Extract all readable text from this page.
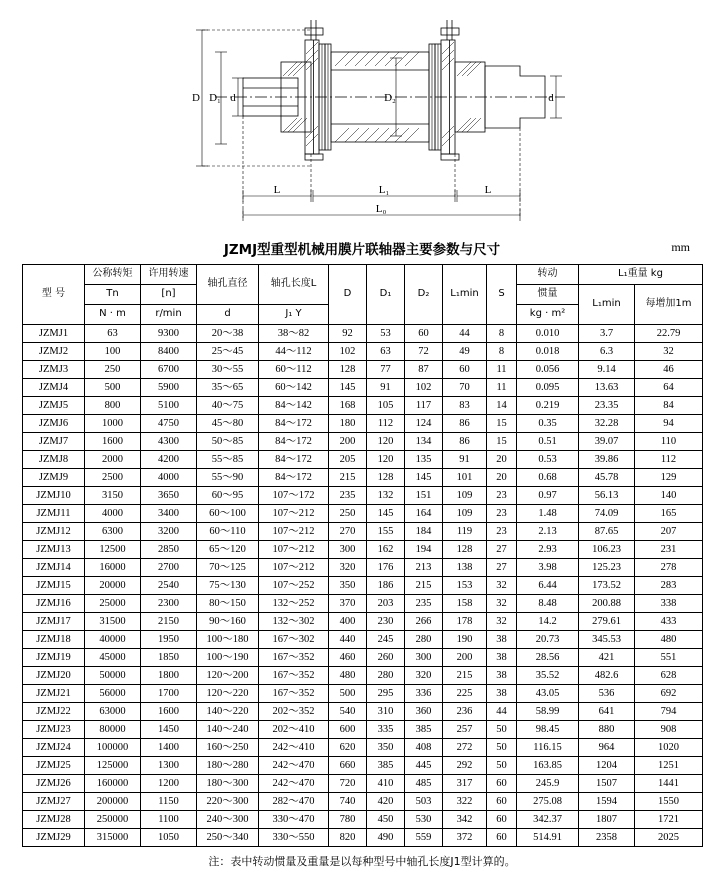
D D₁ d	D₂	d
L	L₁	L
L₀
JZMJ型重型机械用膜片联轴器主要参数与尺寸	mm
型 号	公称转矩	许用转速	轴孔直径	轴孔长度L	D	D₁	D₂	L₁min	S	转动	L₁重量 kg	
	Tn	[n]								惯量	L₁min	每增加1m
	N · m	r/min	d	J₁ Y						kg · m²		
JZMJ1	63	9300	20～38	38～82	92	53	60	44	8	0.010	3.7	22.79
JZMJ2	100	8400	25～45	44～112	102	63	72	49	8	0.018	6.3	32
JZMJ3	250	6700	30～55	60～112	128	77	87	60	11	0.056	9.14	46
JZMJ4	500	5900	35～65	60～142	145	91	102	70	11	0.095	13.63	64
JZMJ5	800	5100	40～75	84～142	168	105	117	83	14	0.219	23.35	84
JZMJ6	1000	4750	45～80	84～172	180	112	124	86	15	0.35	32.28	94
JZMJ7	1600	4300	50～85	84～172	200	120	134	86	15	0.51	39.07	110
JZMJ8	2000	4200	55～85	84～172	205	120	135	91	20	0.53	39.86	112
JZMJ9	2500	4000	55～90	84～172	215	128	145	101	20	0.68	45.78	129
JZMJ10	3150	3650	60～95	107～172	235	132	151	109	23	0.97	56.13	140
JZMJ11	4000	3400	60～100	107～212	250	145	164	109	23	1.48	74.09	165
JZMJ12	6300	3200	60～110	107～212	270	155	184	119	23	2.13	87.65	207
JZMJ13	12500	2850	65～120	107～212	300	162	194	128	27	2.93	106.23	231
JZMJ14	16000	2700	70～125	107～212	320	176	213	138	27	3.98	125.23	278
JZMJ15	20000	2540	75～130	107～252	350	186	215	153	32	6.44	173.52	283
JZMJ16	25000	2300	80～150	132～252	370	203	235	158	32	8.48	200.88	338
JZMJ17	31500	2150	90～160	132～302	400	230	266	178	32	14.2	279.61	433
JZMJ18	40000	1950	100～180	167～302	440	245	280	190	38	20.73	345.53	480
JZMJ19	45000	1850	100～190	167～352	460	260	300	200	38	28.56	421	551
JZMJ20	50000	1800	120～200	167～352	480	280	320	215	38	35.52	482.6	628
JZMJ21	56000	1700	120～220	167～352	500	295	336	225	38	43.05	536	692
JZMJ22	63000	1600	140～220	202～352	540	310	360	236	44	58.99	641	794
JZMJ23	80000	1450	140～240	202～410	600	335	385	257	50	98.45	880	908
JZMJ24	100000	1400	160～250	242～410	620	350	408	272	50	116.15	964	1020
JZMJ25	125000	1300	180～280	242～470	660	385	445	292	50	163.85	1204	1251
JZMJ26	160000	1200	180～300	242～470	720	410	485	317	60	245.9	1507	1441
JZMJ27	200000	1150	220～300	282～470	740	420	503	322	60	275.08	1594	1550
JZMJ28	250000	1100	240～300	330～470	780	450	530	342	60	342.37	1807	1721
JZMJ29	315000	1050	250～340	330～550	820	490	559	372	60	514.91	2358	2025
注：表中转动惯量及重量是以每种型号中轴孔长度J1型计算的。
